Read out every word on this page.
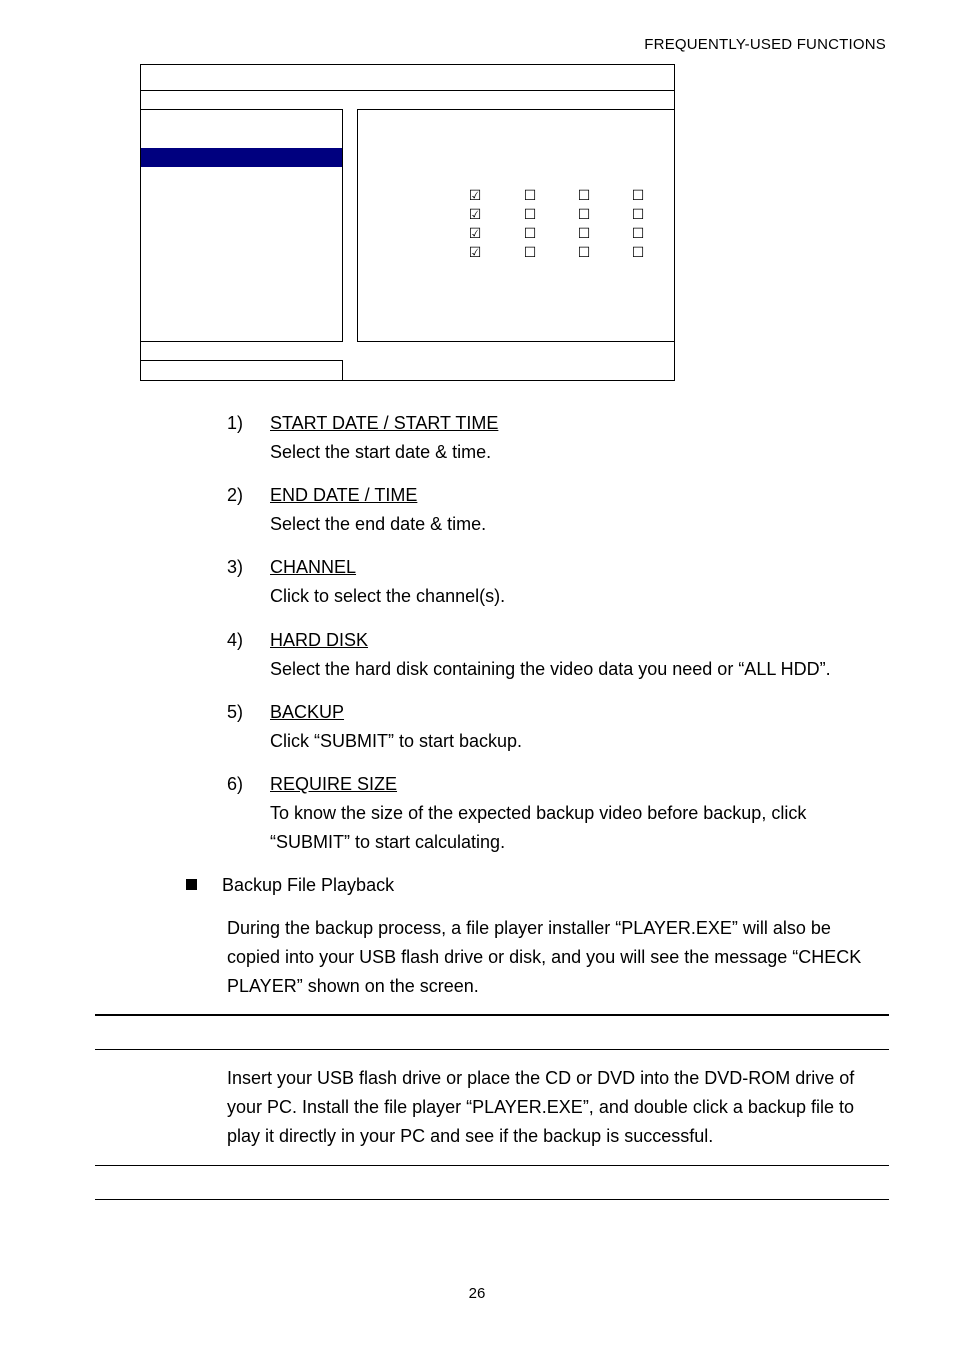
FREQUENTLY-USED FUNCTIONS
☑	☐	☐	☐
☑	☐	☐	☐
☑	☐	☐	☐
☑	☐	☐	☐
1) START DATE / START TIME
Select the start date & time.
2) END DATE / TIME
Select the end date & time.
3) CHANNEL
Click to select the channel(s).
4) HARD DISK
Select the hard disk containing the video data you need or “ALL HDD”.
5) BACKUP
Click “SUBMIT” to start backup.
6) REQUIRE SIZE
To know the size of the expected backup video before backup, click “SUBMIT” to start calculating.
Backup File Playback
During the backup process, a file player installer “PLAYER.EXE” will also be copied into your USB flash drive or disk, and you will see the message “CHECK PLAYER” shown on the screen.
Insert your USB flash drive or place the CD or DVD into the DVD-ROM drive of your PC. Install the file player “PLAYER.EXE”, and double click a backup file to play it directly in your PC and see if the backup is successful.
26
